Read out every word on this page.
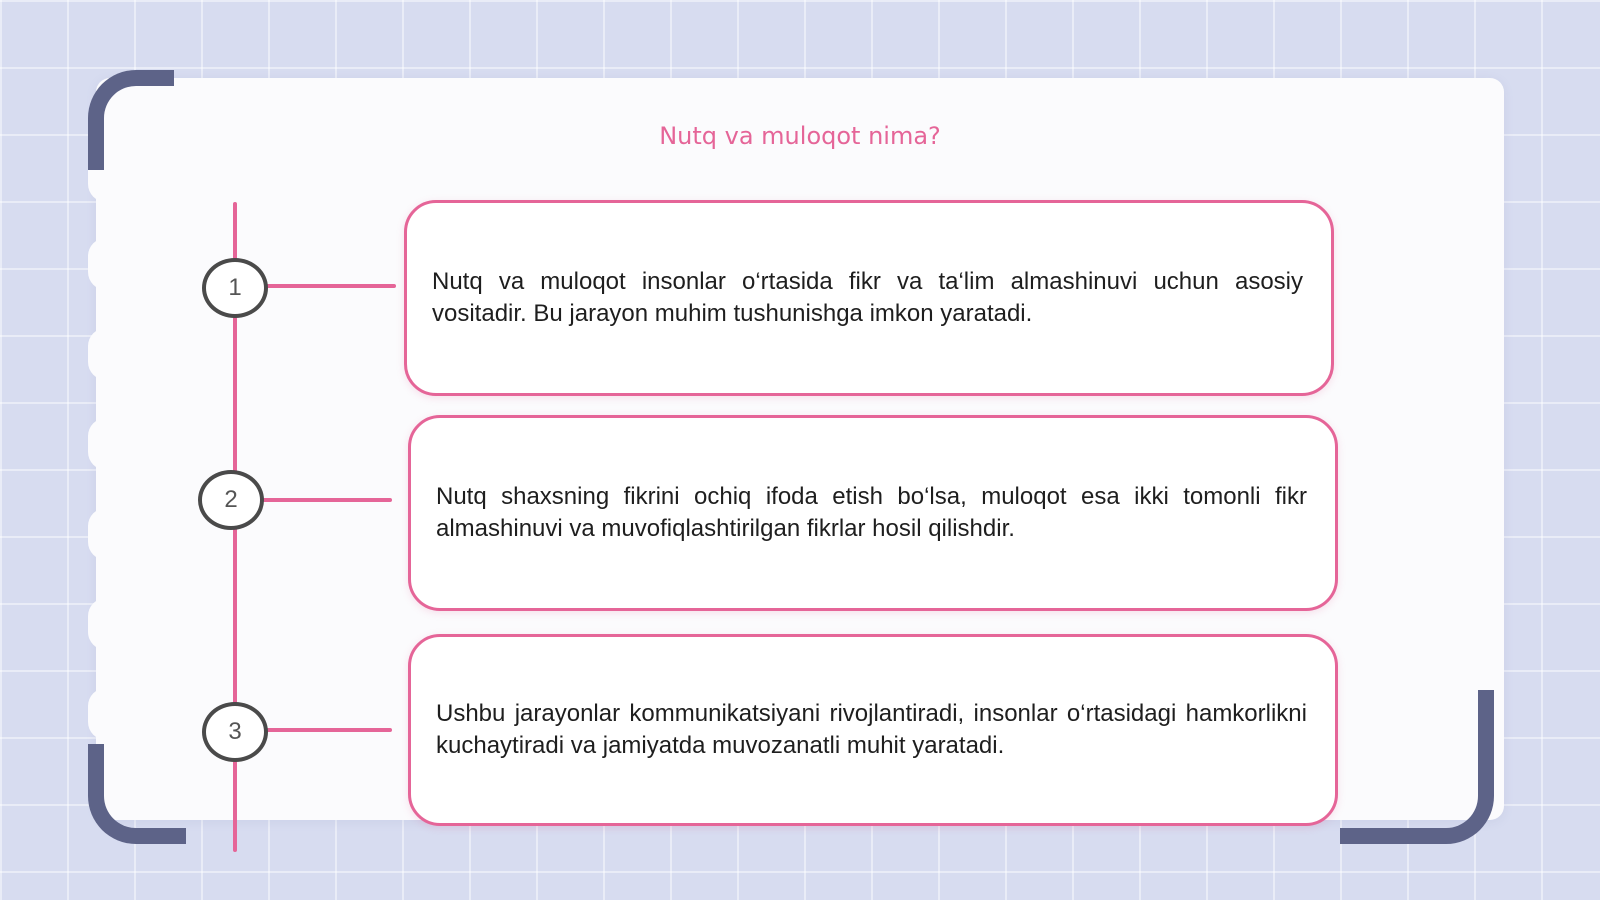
Nutq va muloqot nima?
1	Nutq va muloqot insonlar o‘rtasida fikr va ta‘lim almashinuvi uchun asosiy vositadir. Bu jarayon muhim tushunishga imkon yaratadi.

2	Nutq shaxsning fikrini ochiq ifoda etish bo‘lsa, muloqot esa ikki tomonli fikr almashinuvi va muvofiqlashtirilgan fikrlar hosil qilishdir.

3

Ushbu jarayonlar kommunikatsiyani rivojlantiradi, insonlar o‘rtasidagi hamkorlikni kuchaytiradi va jamiyatda muvozanatli muhit yaratadi.
